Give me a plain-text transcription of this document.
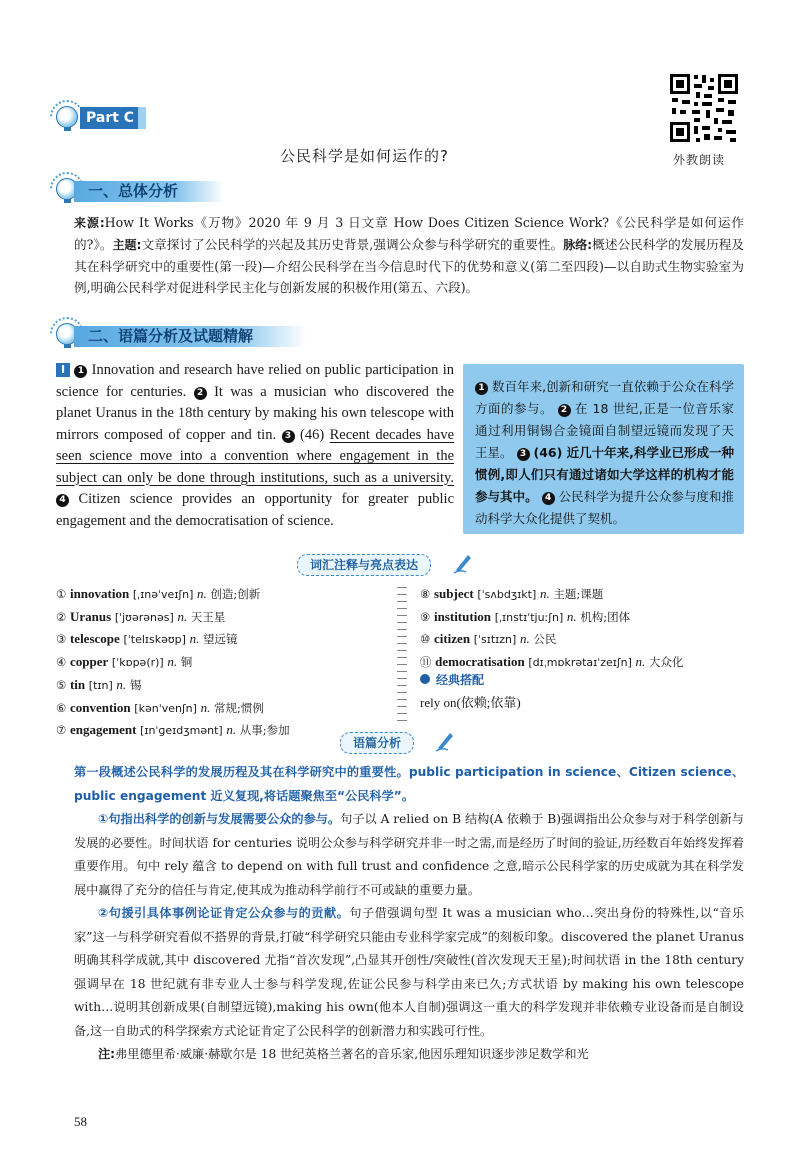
Part C
公民科学是如何运作的?	外教朗读
一、总体分析
来源:How It Works《万物》2020 年 9 月 3 日文章 How Does Citizen Science Work?《公民科学是如何运作的?》。主题:文章探讨了公民科学的兴起及其历史背景,强调公众参与科学研究的重要性。脉络:概述公民科学的发展历程及其在科学研究中的重要性(第一段)—介绍公民科学在当今信息时代下的优势和意义(第二至四段)—以自助式生物实验室为例,明确公民科学对促进科学民主化与创新发展的积极作用(第五、六段)。
二、语篇分析及试题精解
I 1 Innovation and research have relied on public participation in science for centuries. 2 It was a musician who discovered the planet Uranus in the 18th century by making his own telescope with mirrors composed of copper and tin. 3 (46) Recent decades have seen science move into a convention where engagement in the subject can only be done through institutions, such as a university. 4 Citizen science provides an opportunity for greater public engagement and the democratisation of science.
1 数百年来,创新和研究一直依赖于公众在科学方面的参与。 2 在 18 世纪,正是一位音乐家通过利用铜锡合金镜面自制望远镜而发现了天王星。 3 (46) 近几十年来,科学业已形成一种惯例,即人们只有通过诸如大学这样的机构才能参与其中。 4 公民科学为提升公众参与度和推动科学大众化提供了契机。
词汇注释与亮点表达
① innovation [ˌɪnəˈveɪʃn] n. 创造;创新
② Uranus [ˈjʊərənəs] n. 天王星
③ telescope [ˈtelɪskəʊp] n. 望远镜
④ copper [ˈkɒpə(r)] n. 铜
⑤ tin [tɪn] n. 锡
⑥ convention [kənˈvenʃn] n. 常规;惯例
⑦ engagement [ɪnˈɡeɪdʒmənt] n. 从事;参加
⑧ subject [ˈsʌbdʒɪkt] n. 主题;课题
⑨ institution [ˌɪnstɪˈtjuːʃn] n. 机构;团体
⑩ citizen [ˈsɪtɪzn] n. 公民
⑪ democratisation [dɪˌmɒkrətaɪˈzeɪʃn] n. 大众化
经典搭配
rely on(依赖;依靠)
语篇分析
第一段概述公民科学的发展历程及其在科学研究中的重要性。public participation in science、Citizen science、public engagement 近义复现,将话题聚焦至“公民科学”。
①句指出科学的创新与发展需要公众的参与。句子以 A relied on B 结构(A 依赖于 B)强调指出公众参与对于科学创新与发展的必要性。时间状语 for centuries 说明公众参与科学研究并非一时之需,而是经历了时间的验证,历经数百年始终发挥着重要作用。句中 rely 蕴含 to depend on with full trust and confidence 之意,暗示公民科学家的历史成就为其在科学发展中赢得了充分的信任与肯定,使其成为推动科学前行不可或缺的重要力量。
②句援引具体事例论证肯定公众参与的贡献。句子借强调句型 It was a musician who…突出身份的特殊性,以“音乐家”这一与科学研究看似不搭界的背景,打破“科学研究只能由专业科学家完成”的刻板印象。discovered the planet Uranus 明确其科学成就,其中 discovered 尤指“首次发现”,凸显其开创性/突破性(首次发现天王星);时间状语 in the 18th century 强调早在 18 世纪就有非专业人士参与科学发现,佐证公民参与科学由来已久;方式状语 by making his own telescope with…说明其创新成果(自制望远镜),making his own(他本人自制)强调这一重大的科学发现并非依赖专业设备而是自制设备,这一自助式的科学探索方式论证肯定了公民科学的创新潜力和实践可行性。
注:弗里德里希·威廉·赫歇尔是 18 世纪英格兰著名的音乐家,他因乐理知识逐步涉足数学和光
58
